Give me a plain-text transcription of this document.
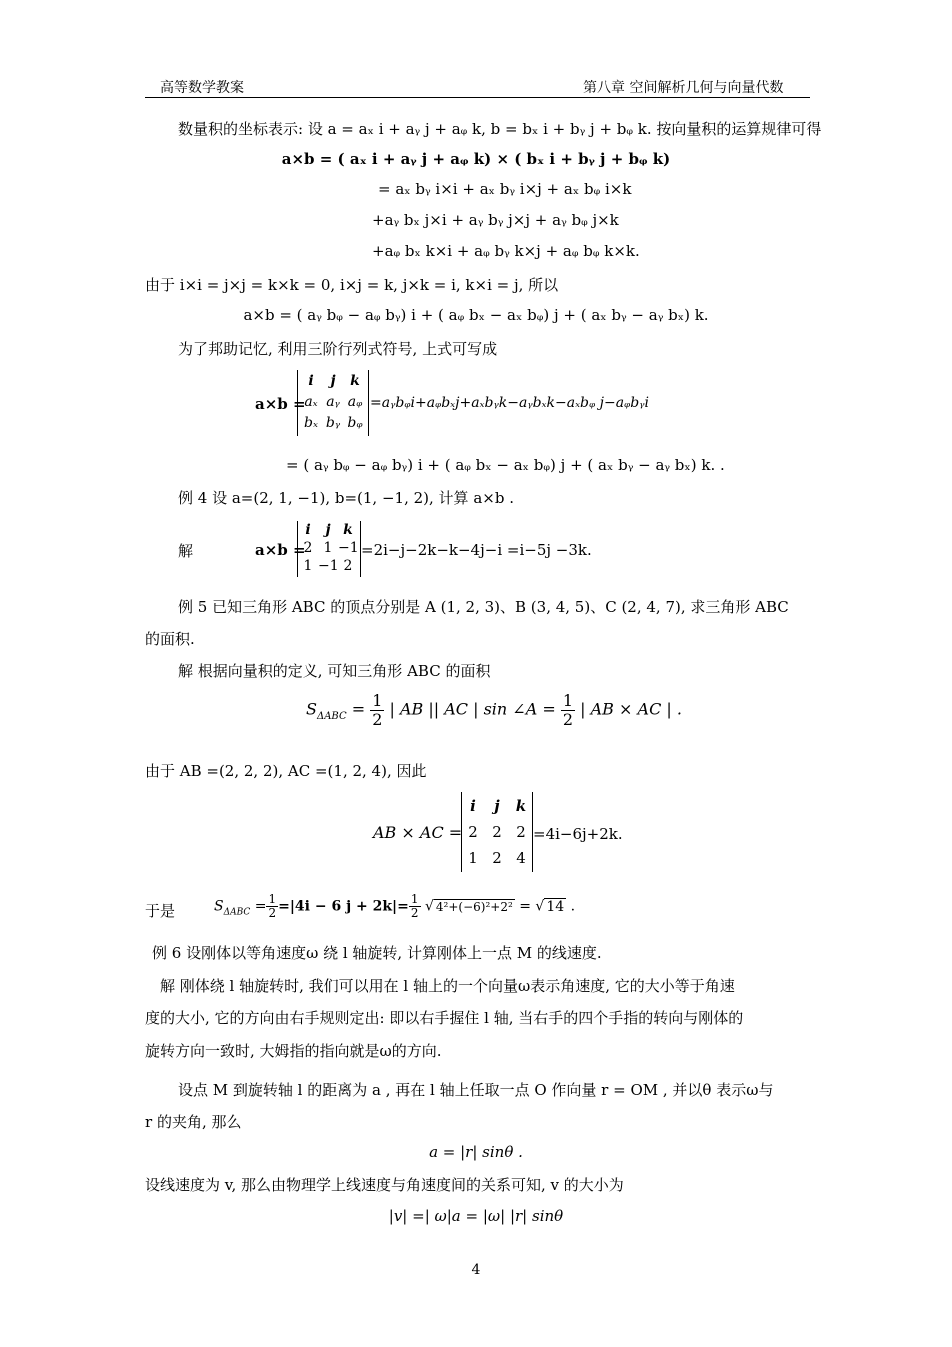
高等数学教案	第八章 空间解析几何与向量代数
数量积的坐标表示: 设 a = aₓ i + aᵧ j + aᵩ k, b = bₓ i + bᵧ j + bᵩ k. 按向量积的运算规律可得
a×b = ( aₓ i + aᵧ j + aᵩ k) × ( bₓ i + bᵧ j + bᵩ k)
= aₓ bᵧ i×i + aₓ bᵧ i×j + aₓ bᵩ i×k
+aᵧ bₓ j×i + aᵧ bᵧ j×j + aᵧ bᵩ j×k
+aᵩ bₓ k×i + aᵩ bᵧ k×j + aᵩ bᵩ k×k.
由于 i×i = j×j = k×k = 0, i×j = k, j×k = i, k×i = j, 所以
a×b = ( aᵧ bᵩ − aᵩ bᵧ) i + ( aᵩ bₓ − aₓ bᵩ) j + ( aₓ bᵧ − aᵧ bₓ) k.
为了邦助记忆, 利用三阶行列式符号, 上式可写成
a×b =
i	j	k
aₓ aᵧ aᵩ
bₓ bᵧ bᵩ
=aᵧbᵩi+aᵩbₓj+aₓbᵧk−aᵧbₓk−aₓbᵩ j−aᵩbᵧi
= ( aᵧ bᵩ − aᵩ bᵧ) i + ( aᵩ bₓ − aₓ bᵩ) j + ( aₓ bᵧ − aᵧ bₓ) k. .
例 4 设 a=(2, 1, −1), b=(1, −1, 2), 计算 a×b .
解	a×b =
i	j k
2 1 −1
1 −1 2
=2i−j−2k−k−4j−i =i−5j −3k.
例 5 已知三角形 ABC 的顶点分别是 A (1, 2, 3)、B (3, 4, 5)、C (2, 4, 7), 求三角形 ABC
的面积.
解 根据向量积的定义, 可知三角形 ABC 的面积
$S_{\Delta ABC} = \frac{1}{2}$ | AB || AC | sin ∠A = $\frac{1}{2}$ | AB × AC | .
由于 AB =(2, 2, 2), AC =(1, 2, 4), 因此
AB × AC =
i	j	k
2 2 2
1 2 4
=4i−6j+2k.
于是	$S_{\Delta ABC} = \frac{1}{2} =|4i - 6$ $j + 2k|= \frac{1}{2}$ √ 4²+(−6)²+2² = √ 14 .
例 6 设刚体以等角速度ω 绕 l 轴旋转, 计算刚体上一点 M 的线速度.
解 刚体绕 l 轴旋转时, 我们可以用在 l 轴上的一个向量ω表示角速度, 它的大小等于角速
度的大小, 它的方向由右手规则定出: 即以右手握住 l 轴, 当右手的四个手指的转向与刚体的
旋转方向一致时, 大姆指的指向就是ω的方向.
设点 M 到旋转轴 l 的距离为 a , 再在 l 轴上任取一点 O 作向量 r = OM , 并以θ 表示ω与
r 的夹角, 那么
a = |r| sinθ .
设线速度为 v, 那么由物理学上线速度与角速度间的关系可知, v 的大小为
|v| =| ω|a = |ω| |r| sinθ
4
